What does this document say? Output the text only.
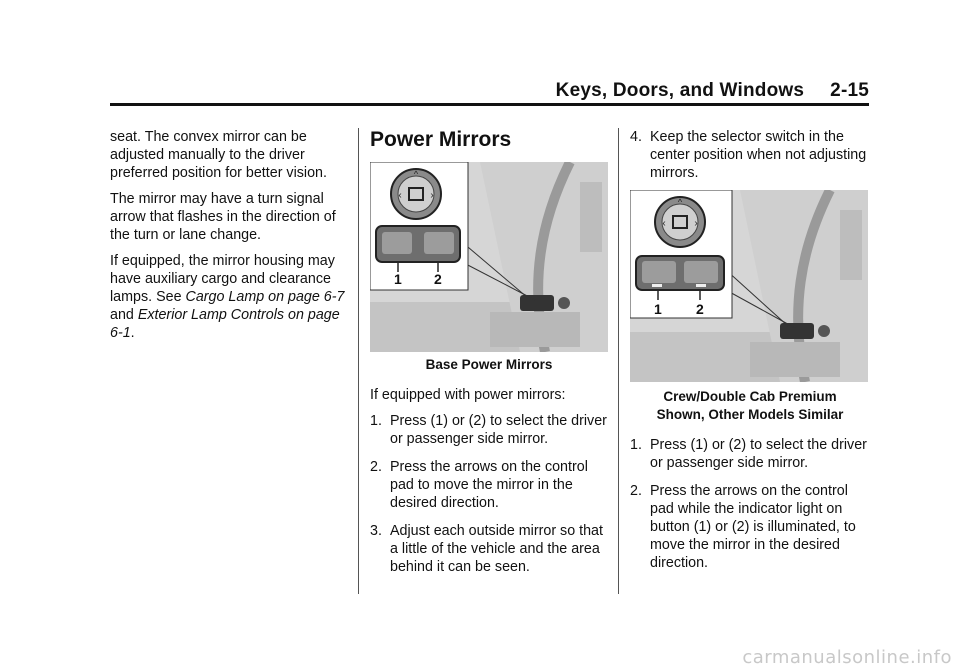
Keys, Doors, and Windows 2-15

seat. The convex mirror can be adjusted manually to the driver preferred position for better vision.

The mirror may have a turn signal arrow that flashes in the direction of the turn or lane change.

If equipped, the mirror housing may have auxiliary cargo and clearance lamps. See Cargo Lamp on page 6-7 and Exterior Lamp Controls on page 6-1.

Power Mirrors
^
‹	›
1 2
Base Power Mirrors

If equipped with power mirrors:

1. Press (1) or (2) to select the driver or passenger side mirror.
2. Press the arrows on the control pad to move the mirror in the desired direction.
3. Adjust each outside mirror so that a little of the vehicle and the area behind it can be seen.
4. Keep the selector switch in the center position when not adjusting mirrors.
^
‹	›
1 2
Crew/Double Cab Premium
Shown, Other Models Similar
1. Press (1) or (2) to select the driver or passenger side mirror.
2. Press the arrows on the control pad while the indicator light on button (1) or (2) is illuminated, to move the mirror in the desired direction.
carmanualsonline.info
